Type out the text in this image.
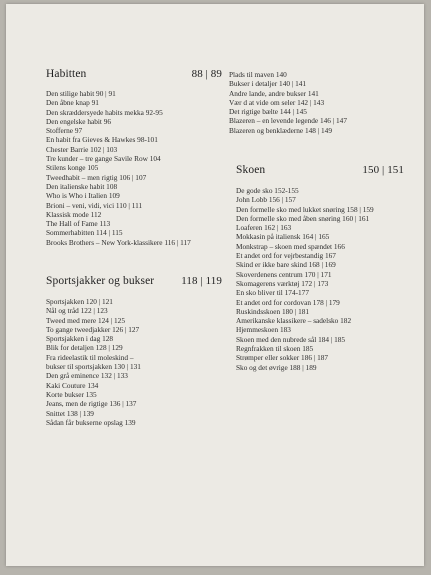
Habitten	88 | 89
Den stilige habit 90 | 91
Den åbne knap 91
Den skræddersyede habits mekka 92-95
Den engelske habit 96
Stofferne 97
En habit fra Gieves & Hawkes 98-101
Chester Barrie 102 | 103
Tre kunder – tre gange Savile Row 104
Stilens konge 105
Tweedhabit – men rigtig 106 | 107
Den italienske habit 108
Who is Who i Italien 109
Brioni – veni, vidi, vici 110 | 111
Klassisk mode 112
The Hall of Fame 113
Sommerhabitten 114 | 115
Brooks Brothers – New York-klassikere 116 | 117
Sportsjakker og bukser 118 | 119
Sportsjakken 120 | 121
Nål og tråd 122 | 123
Tweed med mere 124 | 125
To gange tweedjakker 126 | 127
Sportsjakken i dag 128
Blik for detaljen 128 | 129
Fra rideelastik til moleskind –
bukser til sportsjakken 130 | 131
Den grå eminence 132 | 133
Kaki Couture 134
Korte bukser 135
Jeans, men de rigtige 136 | 137
Snittet 138 | 139
Sådan får bukserne opslag 139
Plads til maven 140
Bukser i detaljer 140 | 141
Andre lande, andre bukser 141
Vær d at vide om seler 142 | 143
Det rigtige bælte 144 | 145
Blazeren – en levende legende 146 | 147
Blazeren og benklæderne 148 | 149
Skoen	150 | 151
De gode sko 152-155
John Lobb 156 | 157
Den formelle sko med lukket snøring 158 | 159
Den formelle sko med åben snøring 160 | 161
Loaferen 162 | 163
Mokkasin på italiensk 164 | 165
Monkstrap – skoen med spændet 166
Et andet ord for vejrbestandig 167
Skind er ikke bare skind 168 | 169
Skoverdenens centrum 170 | 171
Skomagerens værktøj 172 | 173
En sko bliver til 174-177
Et andet ord for cordovan 178 | 179
Ruskindsskoen 180 | 181
Amerikanske klassikere – sadelsko 182
Hjemmeskoen 183
Skoen med den nubrede sål 184 | 185
Regnfrakken til skoen 185
Strømper eller sokker 186 | 187
Sko og det øvrige 188 | 189
